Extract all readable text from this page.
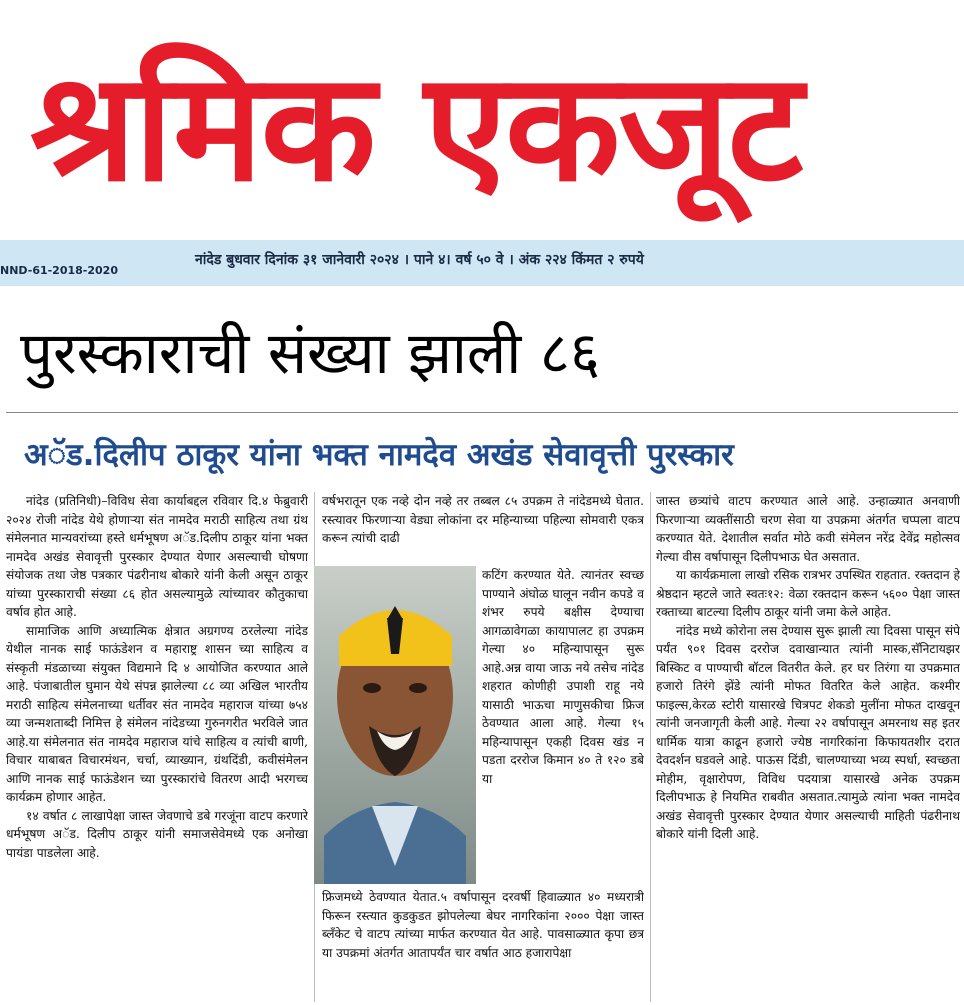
श्रमिक एकजूट
NND-61-2018-2020
नांदेड बुधवार दिनांक ३१ जानेवारी २०२४ । पाने ४। वर्ष ५० वे । अंक २२४ किंमत २ रुपये
पुरस्काराची संख्या झाली ८६
अॅड.दिलीप ठाकूर यांना भक्त नामदेव अखंड सेवावृत्ती पुरस्कार

नांदेड (प्रतिनिधी)–विविध सेवा कार्याबद्दल रविवार दि.४ फेब्रुवारी २०२४ रोजी नांदेड येथे होणाऱ्या संत नामदेव मराठी साहित्य तथा ग्रंथ संमेलनात मान्यवरांच्या हस्ते धर्मभूषण अॅड.दिलीप ठाकूर यांना भक्त नामदेव अखंड सेवावृत्ती पुरस्कार देण्यात येणार असल्याची घोषणा संयोजक तथा जेष्ठ पत्रकार पंढरीनाथ बोकारे यांनी केली असून ठाकूर यांच्या पुरस्काराची संख्या ८६ होत असल्यामुळे त्यांच्यावर कौतुकाचा वर्षाव होत आहे.

सामाजिक आणि अध्यात्मिक क्षेत्रात अग्रगण्य ठरलेल्या नांदेड येथील नानक साई फाऊंडेशन व महाराष्ट्र शासन च्या साहित्य व संस्कृती मंडळाच्या संयुक्त विद्यमाने दि ४ आयोजित करण्यात आले आहे. पंजाबातील घुमान येथे संपन्न झालेल्या ८८ व्या अखिल भारतीय मराठी साहित्य संमेलनाच्या धर्तीवर संत नामदेव महाराज यांच्या ७५४ व्या जन्मशताब्दी निमित्त हे संमेलन नांदेडच्या गुरुनगरीत भरविले जात आहे.या संमेलनात संत नामदेव महाराज यांचे साहित्य व त्यांची बाणी, विचार याबाबत विचारमंथन, चर्चा, व्याख्यान, ग्रंथदिंडी, कवीसंमेलन आणि नानक साई फाऊंडेशन च्या पुरस्कारांचे वितरण आदी भरगच्च कार्यक्रम होणार आहेत.

१४ वर्षात ८ लाखापेक्षा जास्त जेवणाचे डबे गरजूंना वाटप करणारे धर्मभूषण अॅड. दिलीप ठाकूर यांनी समाजसेवेमध्ये एक अनोखा पायंडा पाडलेला आहे.

वर्षभरातून एक नव्हे दोन नव्हे तर तब्बल ८५ उपक्रम ते नांदेडमध्ये घेतात. रस्त्यावर फिरणाऱ्या वेड्या लोकांना दर महिन्याच्या पहिल्या सोमवारी एकत्र करून त्यांची दाढी

कटिंग करण्यात येते. त्यानंतर स्वच्छ पाण्याने अंघोळ घालून नवीन कपडे व शंभर रुपये बक्षीस देण्याचा आगळावेगळा कायापालट हा उपक्रम गेल्या ४० महिन्यापासून सुरू आहे.अन्न वाया जाऊ नये तसेच नांदेड शहरात कोणीही उपाशी राहू नये यासाठी भाऊचा माणुसकीचा फ्रिज ठेवण्यात आला आहे. गेल्या १५ महिन्यापासून एकही दिवस खंड न पडता दररोज किमान ४० ते १२० डबे या

फ्रिजमध्ये ठेवण्यात येतात.५ वर्षापासून दरवर्षी हिवाळ्यात ४० मध्यरात्री फिरून रस्त्यात कुडकुडत झोपलेल्या बेघर नागरिकांना २००० पेक्षा जास्त ब्लँकेट चे वाटप त्यांच्या मार्फत करण्यात येत आहे. पावसाळ्यात कृपा छत्र या उपक्रमां अंतर्गत आतापर्यंत चार वर्षात आठ हजारापेक्षा

जास्त छत्र्यांचे वाटप करण्यात आले आहे. उन्हाळ्यात अनवाणी फिरणाऱ्या व्यक्तींसाठी चरण सेवा या उपक्रमा अंतर्गत चप्पला वाटप करण्यात येते. देशातील सर्वात मोठे कवी संमेलन नरेंद्र देवेंद्र महोत्सव गेल्या वीस वर्षापासून दिलीपभाऊ घेत असतात.

या कार्यक्रमाला लाखो रसिक रात्रभर उपस्थित राहतात. रक्तदान हे श्रेष्ठदान म्हटले जाते स्वतः१२: वेळा रक्तदान करून ५६०० पेक्षा जास्त रक्ताच्या बाटल्या दिलीप ठाकूर यांनी जमा केले आहेत.

नांदेड मध्ये कोरोना लस देण्यास सुरू झाली त्या दिवसा पासून संपे पर्यंत ९०१ दिवस दररोज दवाखान्यात त्यांनी मास्क,सॅनिटायझर बिस्किट व पाण्याची बॉटल वितरीत केले. हर घर तिरंगा या उपक्रमात हजारो तिरंगे झेंडे त्यांनी मोफत वितरित केले आहेत. कश्मीर फाइल्स,केरळ स्टोरी यासारखे चित्रपट शेकडो मुलींना मोफत दाखवून त्यांनी जनजागृती केली आहे. गेल्या २२ वर्षापासून अमरनाथ सह इतर धार्मिक यात्रा काढून हजारो ज्येष्ठ नागरिकांना किफायतशीर दरात देवदर्शन घडवले आहे. पाऊस दिंडी, चालण्याच्या भव्य स्पर्धा, स्वच्छता मोहीम, वृक्षारोपण, विविध पदयात्रा यासारखे अनेक उपक्रम दिलीपभाऊ हे नियमित राबवीत असतात.त्यामुळे त्यांना भक्त नामदेव अखंड सेवावृत्ती पुरस्कार देण्यात येणार असल्याची माहिती पंढरीनाथ बोकारे यांनी दिली आहे.
